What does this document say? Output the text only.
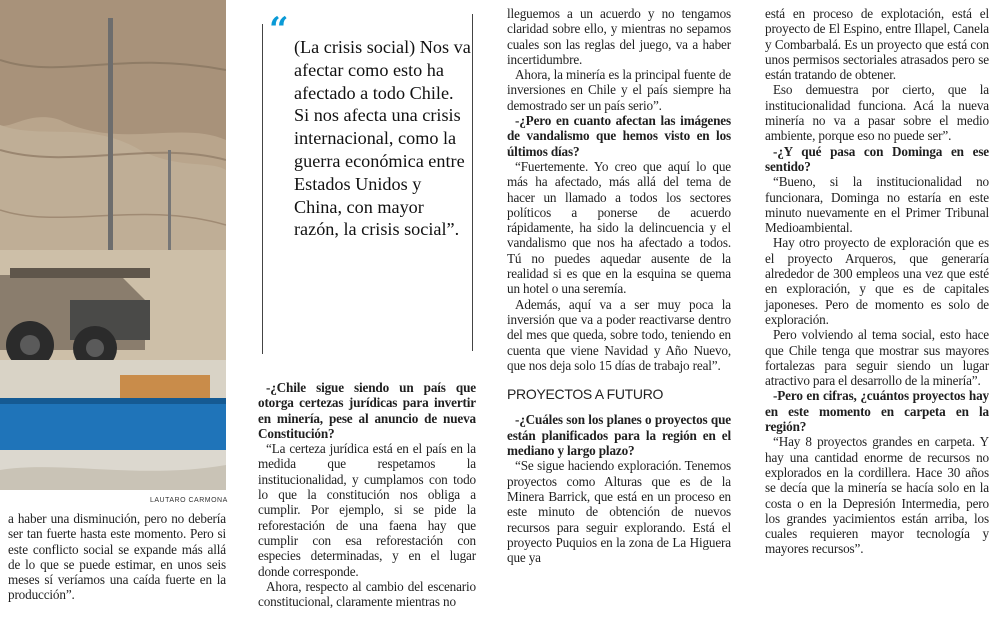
LAUTARO CARMONA

a haber una disminución, pero no debería ser tan fuerte hasta este momento. Pero si este conflicto social se expande más allá de lo que se puede estimar, en unos seis meses sí veríamos una caída fuerte en la producción”.

“ (La crisis social) Nos va afectar como esto ha afectado a todo Chile. Si nos afecta una crisis internacional, como la guerra económica entre Estados Unidos y China, con mayor razón, la crisis social”.

-¿Chile sigue siendo un país que otorga certezas jurídicas para invertir en minería, pese al anuncio de nueva Constitución?

“La certeza jurídica está en el país en la medida que respetamos la institucionalidad, y cumplamos con todo lo que la constitución nos obliga a cumplir. Por ejemplo, si se pide la reforestación de una faena hay que cumplir con esa reforestación con especies determinadas, y en el lugar donde corresponde.

Ahora, respecto al cambio del escenario constitucional, claramente mientras no

lleguemos a un acuerdo y no tengamos claridad sobre ello, y mientras no sepamos cuales son las reglas del juego, va a haber incertidumbre.

Ahora, la minería es la principal fuente de inversiones en Chile y el país siempre ha demostrado ser un país serio”.

-¿Pero en cuanto afectan las imágenes de vandalismo que hemos visto en los últimos días?

“Fuertemente. Yo creo que aquí lo que más ha afectado, más allá del tema de hacer un llamado a todos los sectores políticos a ponerse de acuerdo rápidamente, ha sido la delincuencia y el vandalismo que nos ha afectado a todos. Tú no puedes aquedar ausente de la realidad si es que en la esquina se quema un hotel o una seremía.

Además, aquí va a ser muy poca la inversión que va a poder reactivarse dentro del mes que queda, sobre todo, teniendo en cuenta que viene Navidad y Año Nuevo, que nos deja solo 15 días de trabajo real”.

PROYECTOS A FUTURO

-¿Cuáles son los planes o proyectos que están planificados para la región en el mediano y largo plazo?

“Se sigue haciendo exploración. Tenemos proyectos como Alturas que es de la Minera Barrick, que está en un proceso en este minuto de obtención de nuevos recursos para seguir explorando. Está el proyecto Puquios en la zona de La Higuera que ya

está en proceso de explotación, está el proyecto de El Espino, entre Illapel, Canela y Combarbalá. Es un proyecto que está con unos permisos sectoriales atrasados pero se están tratando de obtener.

Eso demuestra por cierto, que la institucionalidad funciona. Acá la nueva minería no va a pasar sobre el medio ambiente, porque eso no puede ser”.

-¿Y qué pasa con Dominga en ese sentido?

“Bueno, si la institucionalidad no funcionara, Dominga no estaría en este minuto nuevamente en el Primer Tribunal Medioambiental.

Hay otro proyecto de exploración que es el proyecto Arqueros, que generaría alrededor de 300 empleos una vez que esté en exploración, y que es de capitales japoneses. Pero de momento es solo de exploración.

Pero volviendo al tema social, esto hace que Chile tenga que mostrar sus mayores fortalezas para seguir siendo un lugar atractivo para el desarrollo de la minería”.

-Pero en cifras, ¿cuántos proyectos hay en este momento en carpeta en la región?

“Hay 8 proyectos grandes en carpeta. Y hay una cantidad enorme de recursos no explorados en la cordillera. Hace 30 años se decía que la minería se hacía solo en la costa o en la Depresión Intermedia, pero los grandes yacimientos están arriba, los cuales requieren mayor tecnología y mayores recursos”.
